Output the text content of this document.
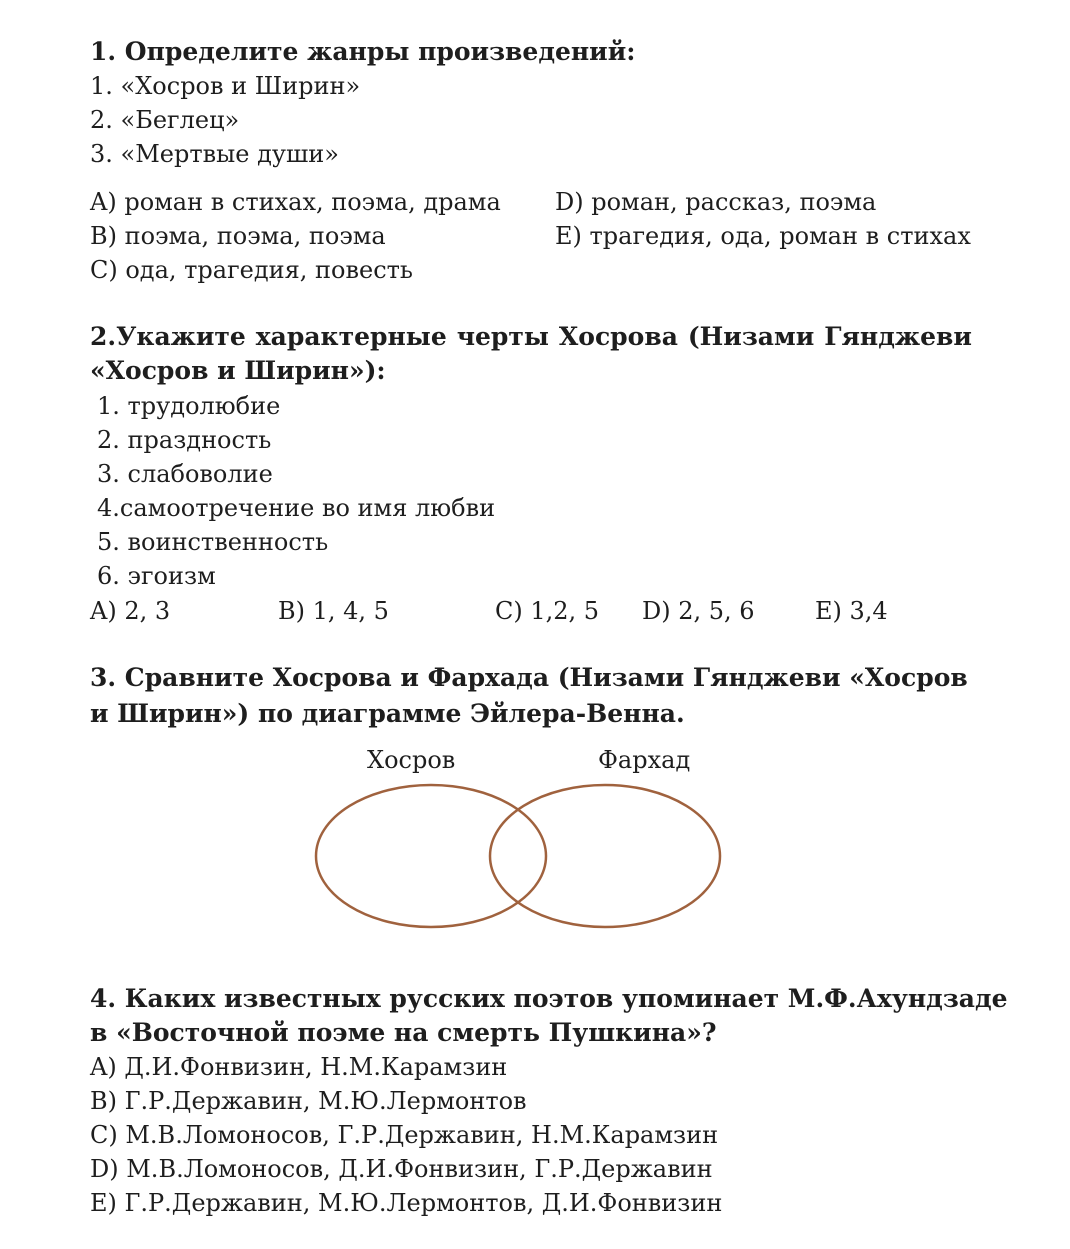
1. Определите жанры произведений:
1. «Хосров и Ширин»
2. «Беглец»
3. «Мертвые души»
A) роман в стихах, поэма, драма
B) поэма, поэма, поэма
C) ода, трагедия, повесть
D) роман, рассказ, поэма
E) трагедия, ода, роман в стихах
2.Укажите характерные черты Хосрова (Низами Гянджеви
«Хосров и Ширин»):
1. трудолюбие
2. праздность
3. слабоволие
4.самоотречение во имя любви
5. воинственность
6. эгоизм
A) 2, 3	B) 1, 4, 5	C) 1,2, 5 D) 2, 5, 6	E) 3,4
3. Сравните Хосрова и Фархада (Низами Гянджеви «Хосров
и Ширин») по диаграмме Эйлера-Венна.
Хосров	Фархад
4. Каких известных русских поэтов упоминает М.Ф.Ахундзаде
в «Восточной поэме на смерть Пушкина»?
A) Д.И.Фонвизин, Н.М.Карамзин
B) Г.Р.Державин, М.Ю.Лермонтов
C) М.В.Ломоносов, Г.Р.Державин, Н.М.Карамзин
D) М.В.Ломоносов, Д.И.Фонвизин, Г.Р.Державин
E) Г.Р.Державин, М.Ю.Лермонтов, Д.И.Фонвизин
